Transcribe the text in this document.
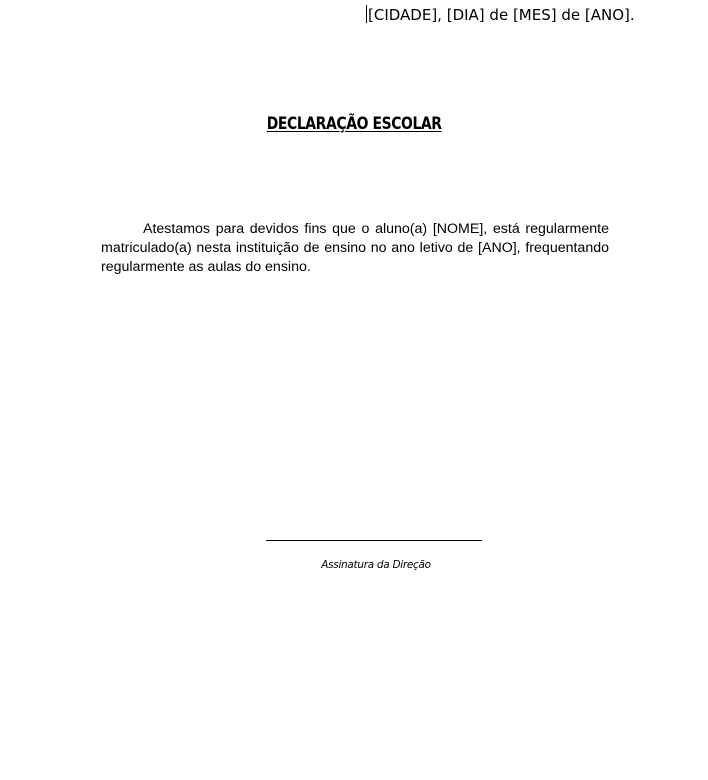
[CIDADE], [DIA] de [MES] de [ANO].
DECLARAÇÃO ESCOLAR

Atestamos para devidos fins que o aluno(a) [NOME], está regularmente matriculado(a) nesta instituição de ensino no ano letivo de [ANO], frequentando regularmente as aulas do ensino.

Assinatura da Direção
